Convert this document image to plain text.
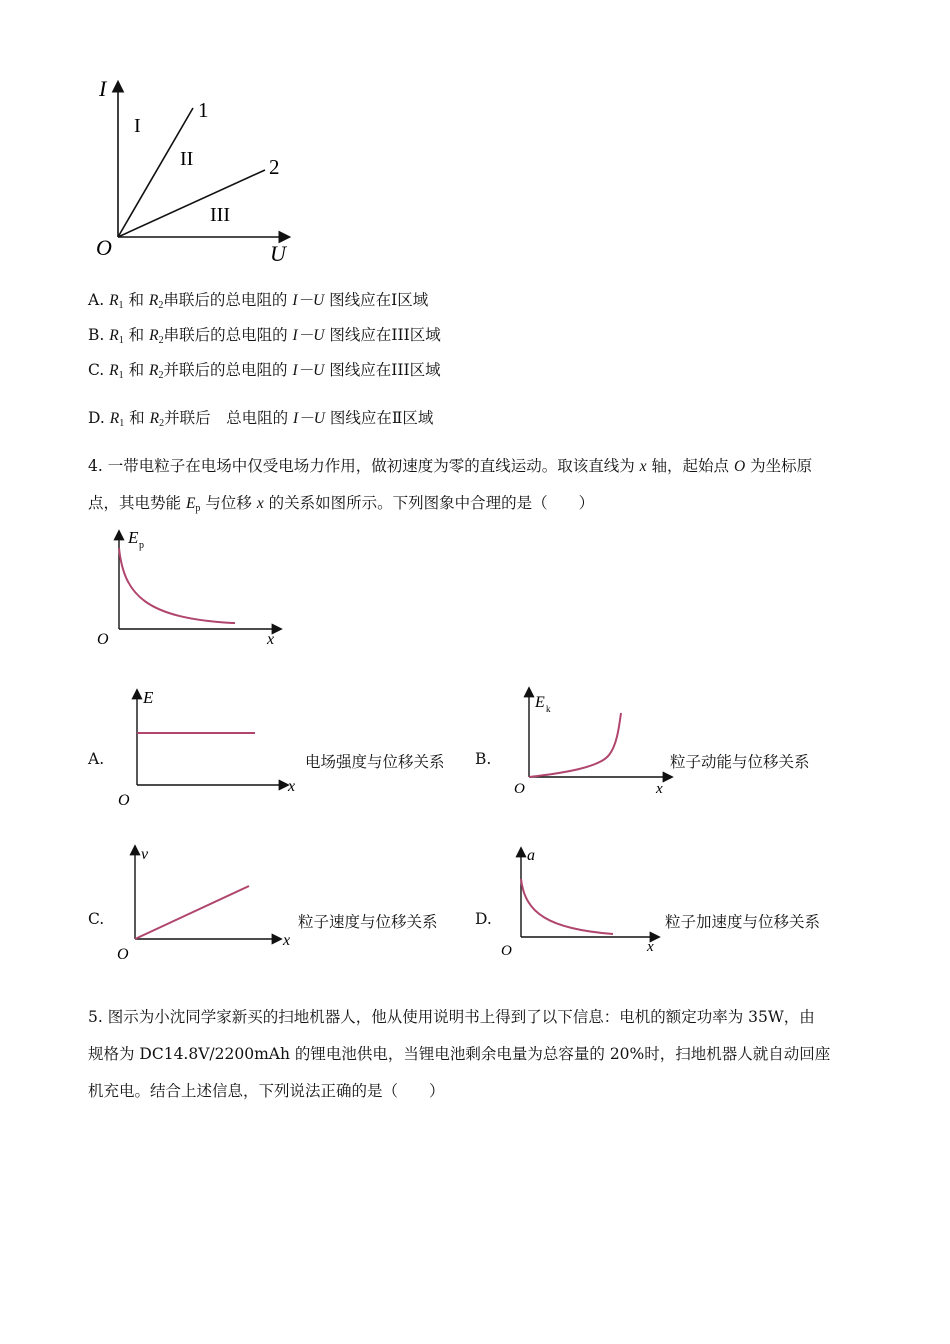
I
U
O
1
2
I
II
III
A. $R_1$ 和 $R_2$串联后的总电阻的 I－U 图线应在Ⅰ区域
B. $R_1$ 和 $R_2$串联后的总电阻的 I－U 图线应在III区域
C. $R_1$ 和 $R_2$并联后的总电阻的 I－U 图线应在III区域
D. $R_1$ 和 $R_2$并联后　总电阻的 I－U 图线应在Ⅱ区域
4. 一带电粒子在电场中仅受电场力作用，做初速度为零的直线运动。取该直线为 x 轴，起始点 O 为坐标原
点，其电势能 $E_p$ 与位移 x 的关系如图所示。下列图象中合理的是（　　）
E p
x
O
A.
E
x
O
电场强度与位移关系 B.
E k
x
O
粒子动能与位移关系
C.
v
x
O
粒子速度与位移关系 D.
a
x
O
粒子加速度与位移关系
5. 图示为小沈同学家新买的扫地机器人，他从使用说明书上得到了以下信息：电机的额定功率为 35W，由
规格为 DC14.8V/2200mAh 的锂电池供电，当锂电池剩余电量为总容量的 20%时，扫地机器人就自动回座
机充电。结合上述信息，下列说法正确的是（　　）
